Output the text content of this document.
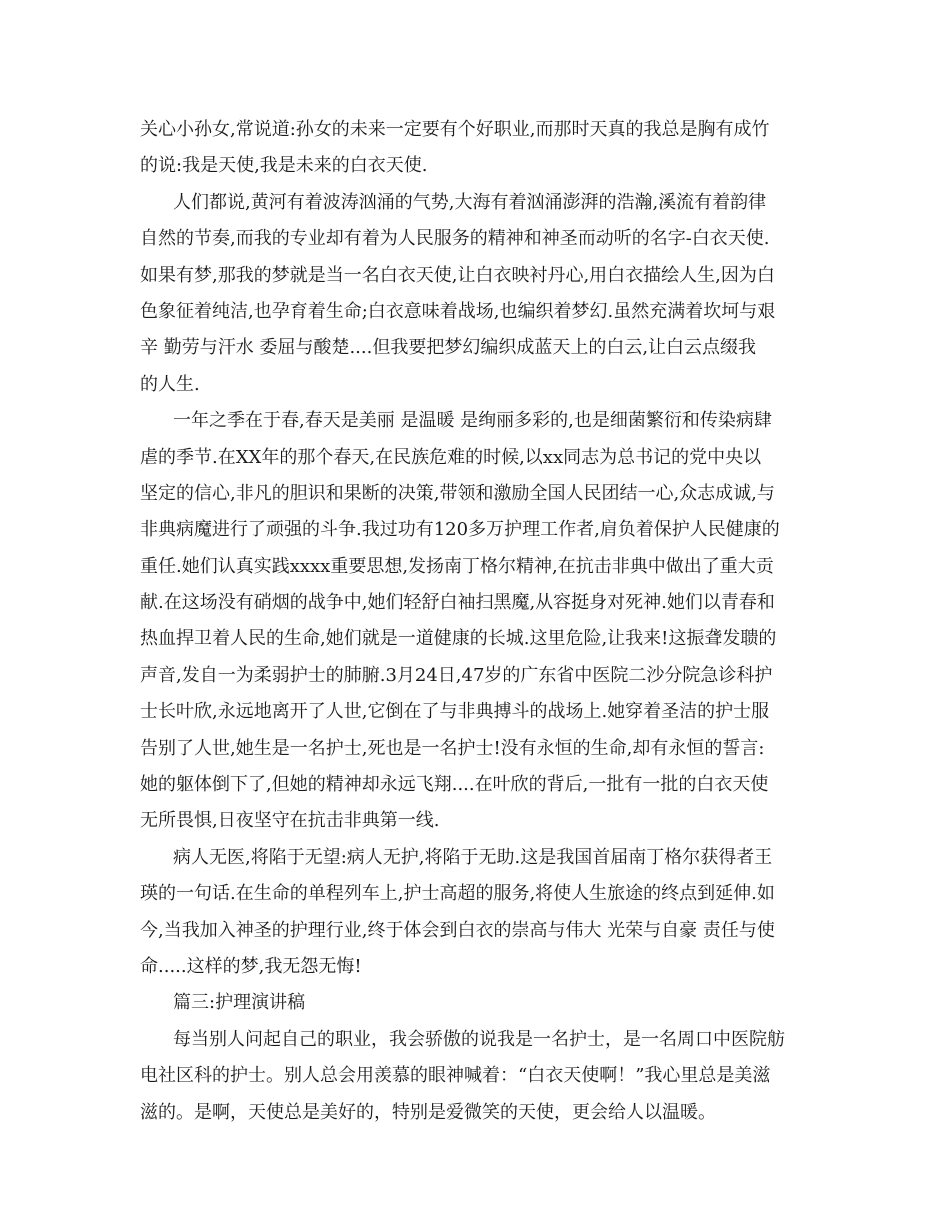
关心小孙女,常说道:孙女的未来一定要有个好职业,而那时天真的我总是胸有成竹
的说:我是天使,我是未来的白衣天使.
人们都说,黄河有着波涛汹涌的气势,大海有着汹涌澎湃的浩瀚,溪流有着韵律
自然的节奏,而我的专业却有着为人民服务的精神和神圣而动听的名字-白衣天使.
如果有梦,那我的梦就是当一名白衣天使,让白衣映衬丹心,用白衣描绘人生,因为白
色象征着纯洁,也孕育着生命;白衣意味着战场,也编织着梦幻.虽然充满着坎坷与艰
辛 勤劳与汗水 委屈与酸楚....但我要把梦幻编织成蓝天上的白云,让白云点缀我
的人生.
一年之季在于春,春天是美丽 是温暖 是绚丽多彩的,也是细菌繁衍和传染病肆
虐的季节.在XX年的那个春天,在民族危难的时候,以xx同志为总书记的党中央以
坚定的信心,非凡的胆识和果断的决策,带领和激励全国人民团结一心,众志成诚,与
非典病魔进行了顽强的斗争.我过功有120多万护理工作者,肩负着保护人民健康的
重任.她们认真实践xxxx重要思想,发扬南丁格尔精神,在抗击非典中做出了重大贡
献.在这场没有硝烟的战争中,她们轻舒白袖扫黑魔,从容挺身对死神.她们以青春和
热血捍卫着人民的生命,她们就是一道健康的长城.这里危险,让我来!这振聋发聩的
声音,发自一为柔弱护士的肺腑.3月24日,47岁的广东省中医院二沙分院急诊科护
士长叶欣,永远地离开了人世,它倒在了与非典搏斗的战场上.她穿着圣洁的护士服
告别了人世,她生是一名护士,死也是一名护士!没有永恒的生命,却有永恒的誓言:
她的躯体倒下了,但她的精神却永远飞翔....在叶欣的背后,一批有一批的白衣天使
无所畏惧,日夜坚守在抗击非典第一线.
病人无医,将陷于无望:病人无护,将陷于无助.这是我国首届南丁格尔获得者王
瑛的一句话.在生命的单程列车上,护士高超的服务,将使人生旅途的终点到延伸.如
今,当我加入神圣的护理行业,终于体会到白衣的崇高与伟大 光荣与自豪 责任与使
命.....这样的梦,我无怨无悔!
篇三:护理演讲稿
每当别人问起自己的职业，我会骄傲的说我是一名护士，是一名周口中医院舫
电社区科的护士。别人总会用羡慕的眼神喊着：“白衣天使啊！”我心里总是美滋
滋的。是啊，天使总是美好的，特别是爱微笑的天使，更会给人以温暖。
